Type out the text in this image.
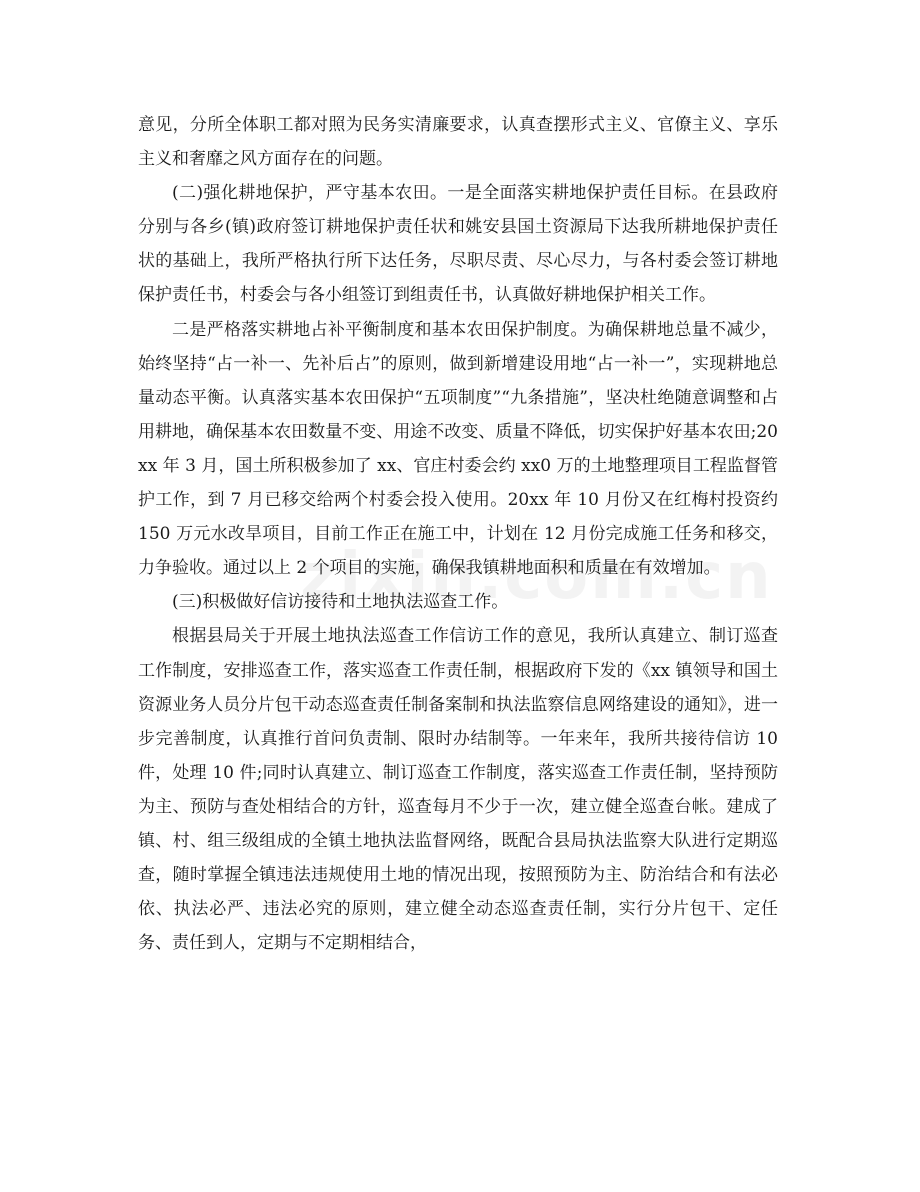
意见，分所全体职工都对照为民务实清廉要求，认真查摆形式主义、官僚主义、享乐主义和奢靡之风方面存在的问题。

(二)强化耕地保护，严守基本农田。一是全面落实耕地保护责任目标。在县政府分别与各乡(镇)政府签订耕地保护责任状和姚安县国土资源局下达我所耕地保护责任状的基础上，我所严格执行所下达任务，尽职尽责、尽心尽力，与各村委会签订耕地保护责任书，村委会与各小组签订到组责任书，认真做好耕地保护相关工作。

二是严格落实耕地占补平衡制度和基本农田保护制度。为确保耕地总量不减少，始终坚持“占一补一、先补后占”的原则，做到新增建设用地“占一补一”，实现耕地总量动态平衡。认真落实基本农田保护“五项制度”“九条措施”，坚决杜绝随意调整和占用耕地，确保基本农田数量不变、用途不改变、质量不降低，切实保护好基本农田;20xx 年 3 月，国土所积极参加了 xx、官庄村委会约 xx0 万的土地整理项目工程监督管护工作，到 7 月已移交给两个村委会投入使用。20xx 年 10 月份又在红梅村投资约 150 万元水改旱项目，目前工作正在施工中，计划在 12 月份完成施工任务和移交，力争验收。通过以上 2 个项目的实施，确保我镇耕地面积和质量在有效增加。

(三)积极做好信访接待和土地执法巡查工作。

根据县局关于开展土地执法巡查工作信访工作的意见，我所认真建立、制订巡查工作制度，安排巡查工作，落实巡查工作责任制，根据政府下发的《xx 镇领导和国土资源业务人员分片包干动态巡查责任制备案制和执法监察信息网络建设的通知》，进一步完善制度，认真推行首问负责制、限时办结制等。一年来年，我所共接待信访 10 件，处理 10 件;同时认真建立、制订巡查工作制度，落实巡查工作责任制，坚持预防为主、预防与查处相结合的方针，巡查每月不少于一次，建立健全巡查台帐。建成了镇、村、组三级组成的全镇土地执法监督网络，既配合县局执法监察大队进行定期巡查，随时掌握全镇违法违规使用土地的情况出现，按照预防为主、防治结合和有法必依、执法必严、违法必究的原则，建立健全动态巡查责任制，实行分片包干、定任务、责任到人，定期与不定期相结合，
